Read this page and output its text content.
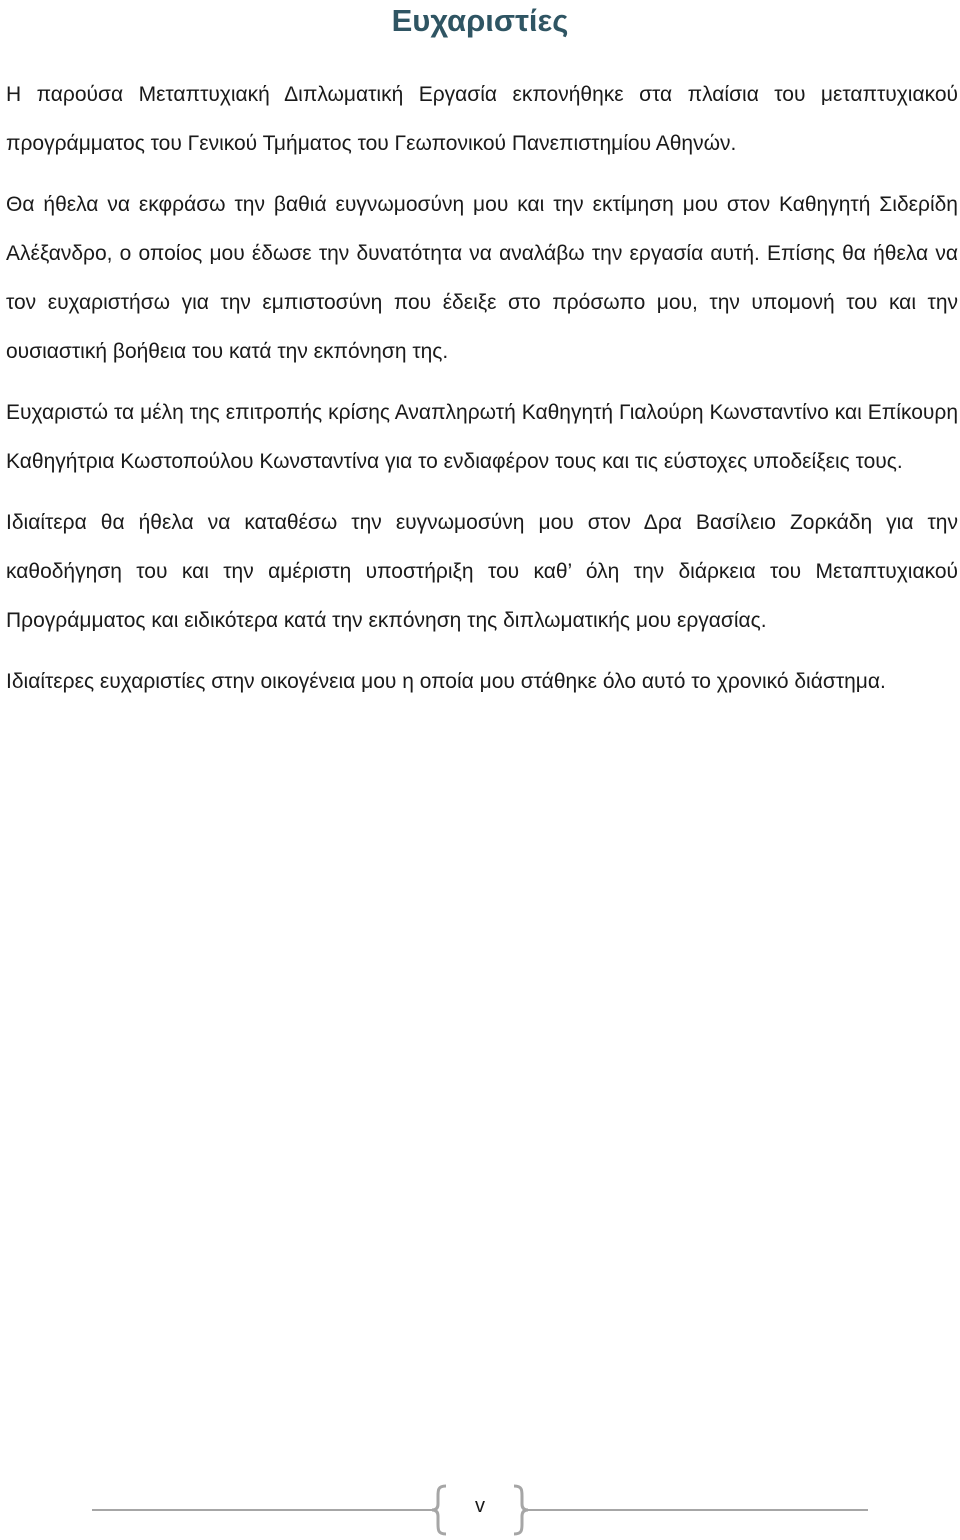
Ευχαριστίες

Η παρούσα Μεταπτυχιακή Διπλωματική Εργασία εκπονήθηκε στα πλαίσια του μεταπτυχιακού προγράμματος του Γενικού Τμήματος του Γεωπονικού Πανεπιστημίου Αθηνών.

Θα ήθελα να εκφράσω την βαθιά ευγνωμοσύνη μου και την εκτίμηση μου στον Καθηγητή Σιδερίδη Αλέξανδρο, ο οποίος μου έδωσε την δυνατότητα να αναλάβω την εργασία αυτή. Επίσης θα ήθελα να τον ευχαριστήσω για την εμπιστοσύνη που έδειξε στο πρόσωπο μου, την υπομονή του και την ουσιαστική βοήθεια του κατά την εκπόνηση της.

Ευχαριστώ τα μέλη της επιτροπής κρίσης Αναπληρωτή Καθηγητή Γιαλούρη Κωνσταντίνο και Επίκουρη Καθηγήτρια Κωστοπούλου Κωνσταντίνα για το ενδιαφέρον τους και τις εύστοχες υποδείξεις τους.

Ιδιαίτερα θα ήθελα να καταθέσω την ευγνωμοσύνη μου στον Δρα Βασίλειο Ζορκάδη για την καθοδήγηση του και την αμέριστη υποστήριξη του καθ’ όλη την διάρκεια του Μεταπτυχιακού Προγράμματος και ειδικότερα κατά την εκπόνηση της διπλωματικής μου εργασίας.

Ιδιαίτερες ευχαριστίες στην οικογένεια μου η οποία μου στάθηκε όλο αυτό το χρονικό διάστημα.

v
